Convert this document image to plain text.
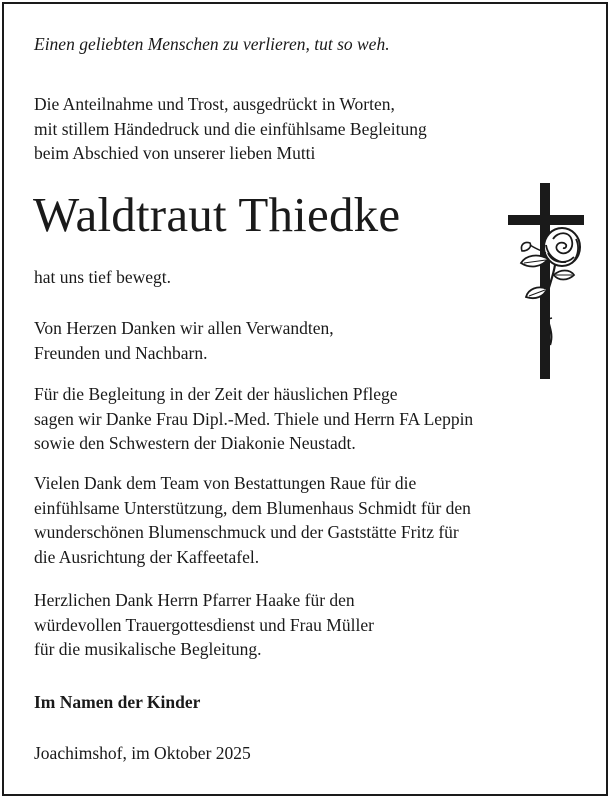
Einen geliebten Menschen zu verlieren, tut so weh.
Die Anteilnahme und Trost, ausgedrückt in Worten,
mit stillem Händedruck und die einfühlsame Begleitung
beim Abschied von unserer lieben Mutti
Waldtraut Thiedke
hat uns tief bewegt.
Von Herzen Danken wir allen Verwandten,
Freunden und Nachbarn.
Für die Begleitung in der Zeit der häuslichen Pflege
sagen wir Danke Frau Dipl.-Med. Thiele und Herrn FA Leppin
sowie den Schwestern der Diakonie Neustadt.
Vielen Dank dem Team von Bestattungen Raue für die
einfühlsame Unterstützung, dem Blumenhaus Schmidt für den
wunderschönen Blumenschmuck und der Gaststätte Fritz für
die Ausrichtung der Kaffeetafel.
Herzlichen Dank Herrn Pfarrer Haake für den
würdevollen Trauergottesdienst und Frau Müller
für die musikalische Begleitung.
Im Namen der Kinder
Joachimshof, im Oktober 2025
